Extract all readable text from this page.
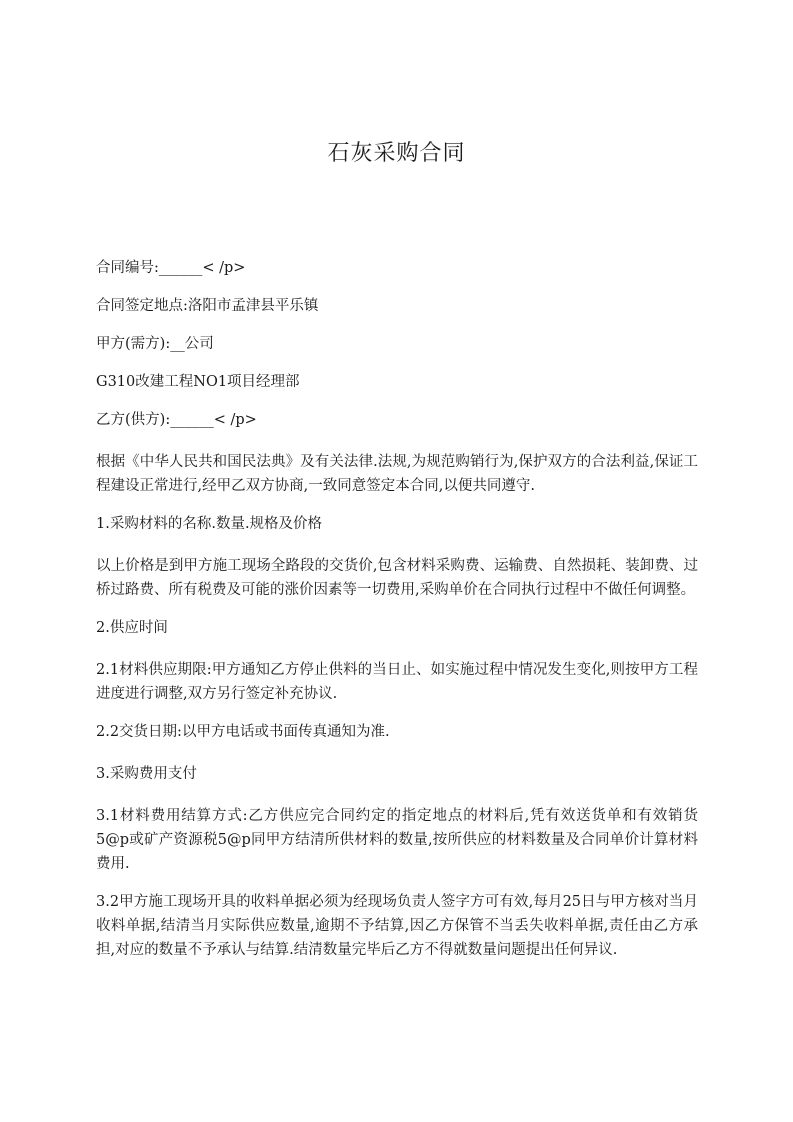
石灰采购合同

合同编号:______< /p>

合同签定地点:洛阳市孟津县平乐镇

甲方(需方):__公司

G310改建工程NO1项目经理部

乙方(供方):______< /p>

根据《中华人民共和国民法典》及有关法律.法规,为规范购销行为,保护双方的合法利益,保证工程建设正常进行,经甲乙双方协商,一致同意签定本合同,以便共同遵守.

1.采购材料的名称.数量.规格及价格

以上价格是到甲方施工现场全路段的交货价,包含材料采购费、运输费、自然损耗、装卸费、过桥过路费、所有税费及可能的涨价因素等一切费用,采购单价在合同执行过程中不做任何调整。

2.供应时间

2.1材料供应期限:甲方通知乙方停止供料的当日止、如实施过程中情况发生变化,则按甲方工程进度进行调整,双方另行签定补充协议.

2.2交货日期:以甲方电话或书面传真通知为准.

3.采购费用支付

3.1材料费用结算方式:乙方供应完合同约定的指定地点的材料后,凭有效送货单和有效销货5@p或矿产资源税5@p同甲方结清所供材料的数量,按所供应的材料数量及合同单价计算材料费用.

3.2甲方施工现场开具的收料单据必须为经现场负责人签字方可有效,每月25日与甲方核对当月收料单据,结清当月实际供应数量,逾期不予结算,因乙方保管不当丢失收料单据,责任由乙方承担,对应的数量不予承认与结算.结清数量完毕后乙方不得就数量问题提出任何异议.
